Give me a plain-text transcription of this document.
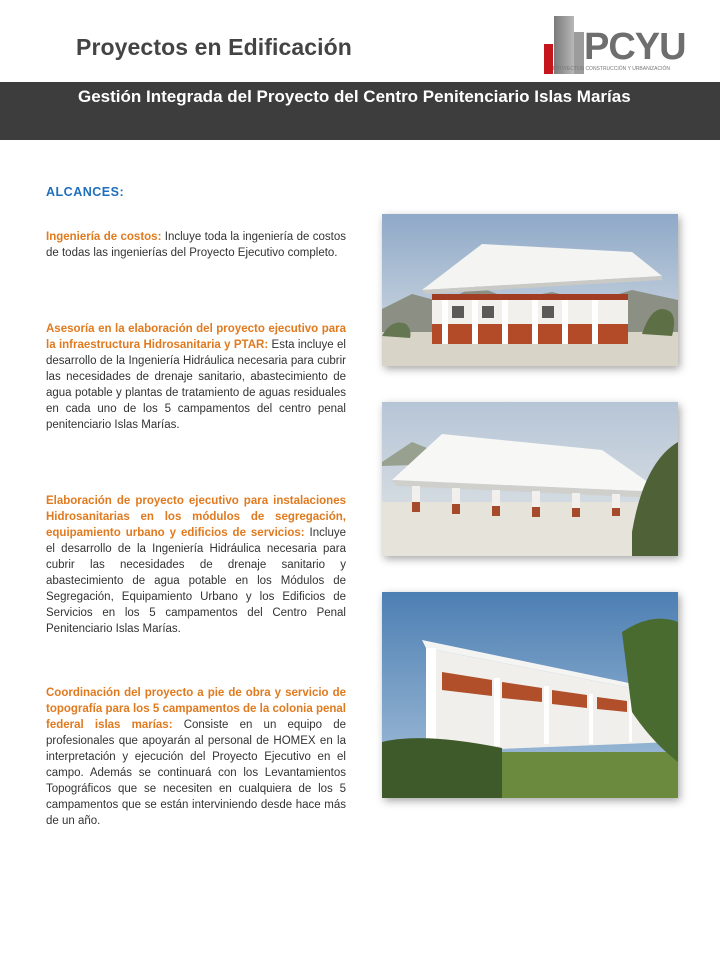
Proyectos en Edificación	PCYU
PROYECTOS CONSTRUCCIÓN Y URBANIZACIÓN
Gestión Integrada del Proyecto del Centro Penitenciario Islas Marías
ALCANCES:

Ingeniería de costos: Incluye toda la ingeniería de costos de todas las ingenierías del Proyecto Ejecutivo completo.

Asesoría en la elaboración del proyecto ejecutivo para la infraestructura Hidrosanitaria y PTAR: Esta incluye el desarrollo de la Ingeniería Hidráulica necesaria para cubrir las necesidades de drenaje sanitario, abastecimiento de agua potable y plantas de tratamiento de aguas residuales en cada uno de los 5 campamentos del centro penal penitenciario Islas Marías.

Elaboración de proyecto ejecutivo para instalaciones Hidrosanitarias en los módulos de segregación, equipamiento urbano y edificios de servicios: Incluye el desarrollo de la Ingeniería Hidráulica necesaria para cubrir las necesidades de drenaje sanitario y abastecimiento de agua potable en los Módulos de Segregación, Equipamiento Urbano y los Edificios de Servicios en los 5 campamentos del Centro Penal Penitenciario Islas Marías.

Coordinación del proyecto a pie de obra y servicio de topografía para los 5 campamentos de la colonia penal federal islas marías: Consiste en un equipo de profesionales que apoyarán al personal de HOMEX en la interpretación y ejecución del Proyecto Ejecutivo en el campo. Además se continuará con los Levantamientos Topográficos que se necesiten en cualquiera de los 5 campamentos que se están interviniendo desde hace más de un año.
